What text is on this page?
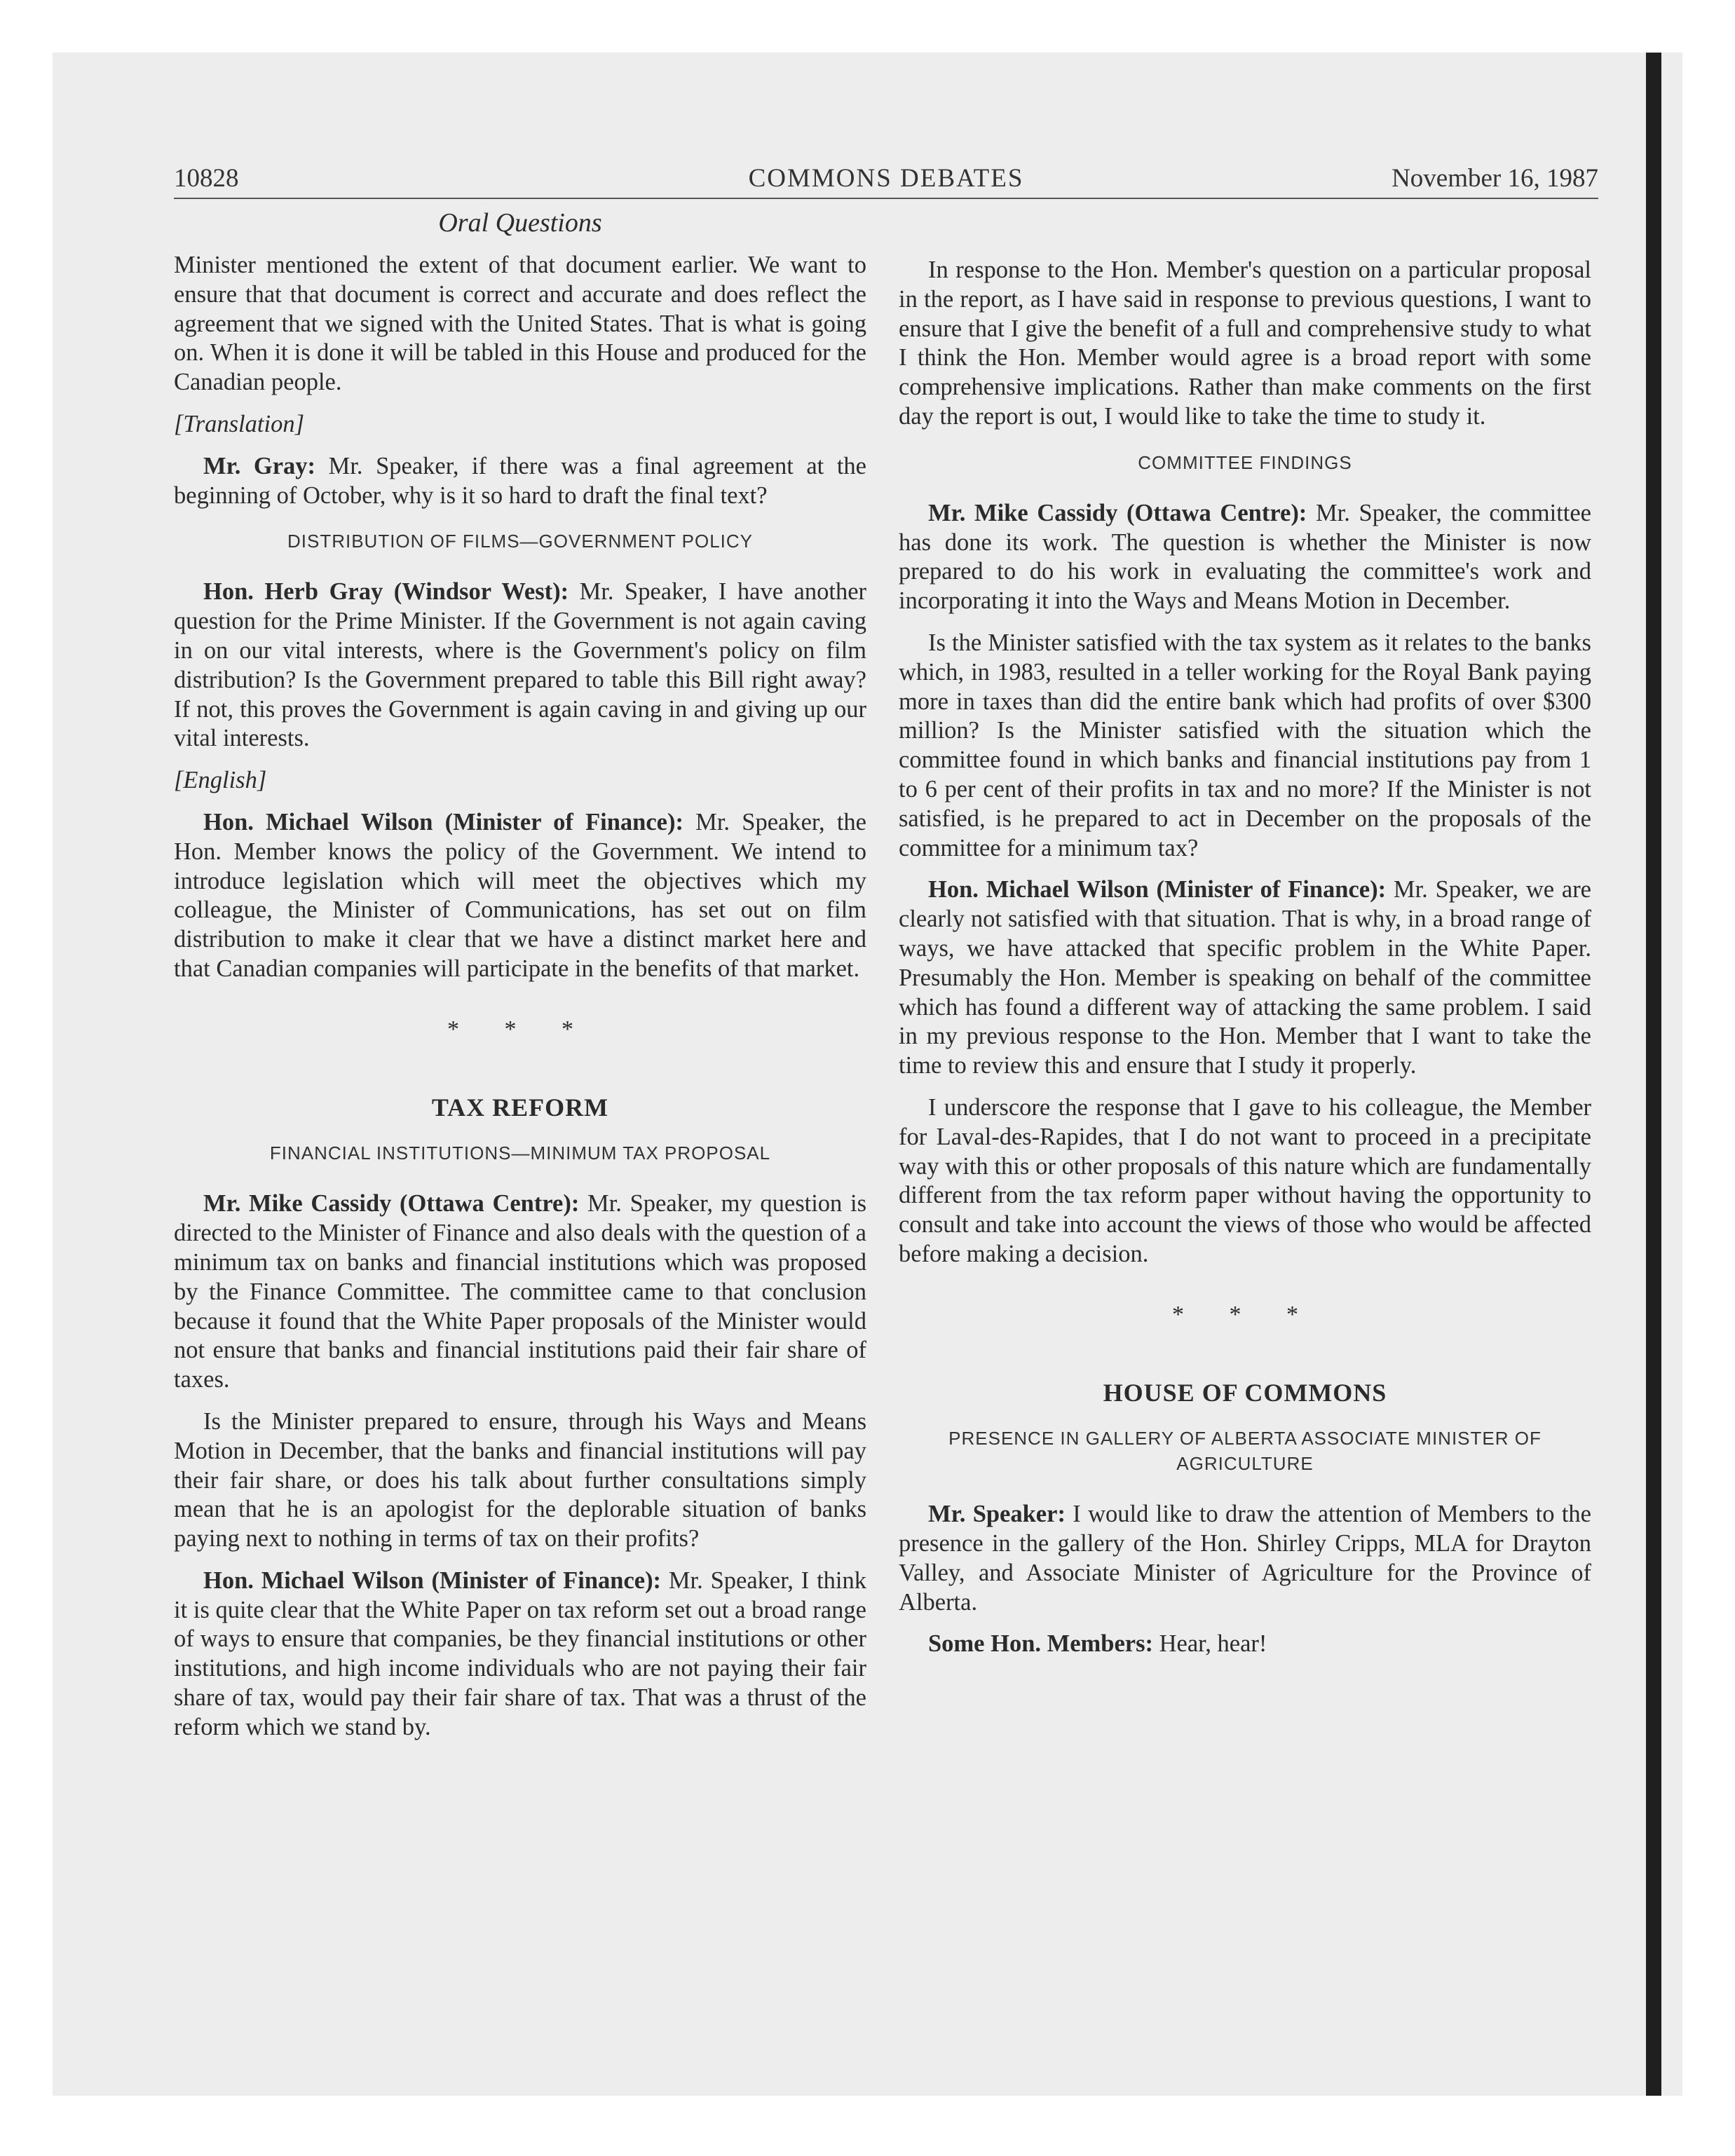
10828	COMMONS DEBATES	November 16, 1987
Oral Questions

Minister mentioned the extent of that document earlier. We want to ensure that that document is correct and accurate and does reflect the agreement that we signed with the United States. That is what is going on. When it is done it will be tabled in this House and produced for the Canadian people.

[Translation]

Mr. Gray: Mr. Speaker, if there was a final agreement at the beginning of October, why is it so hard to draft the final text?

DISTRIBUTION OF FILMS—GOVERNMENT POLICY

Hon. Herb Gray (Windsor West): Mr. Speaker, I have another question for the Prime Minister. If the Government is not again caving in on our vital interests, where is the Government's policy on film distribution? Is the Government prepared to table this Bill right away? If not, this proves the Government is again caving in and giving up our vital interests.

[English]

Hon. Michael Wilson (Minister of Finance): Mr. Speaker, the Hon. Member knows the policy of the Government. We intend to introduce legislation which will meet the objectives which my colleague, the Minister of Communications, has set out on film distribution to make it clear that we have a distinct market here and that Canadian companies will participate in the benefits of that market.

* * *
TAX REFORM
FINANCIAL INSTITUTIONS—MINIMUM TAX PROPOSAL

Mr. Mike Cassidy (Ottawa Centre): Mr. Speaker, my question is directed to the Minister of Finance and also deals with the question of a minimum tax on banks and financial institutions which was proposed by the Finance Committee. The committee came to that conclusion because it found that the White Paper proposals of the Minister would not ensure that banks and financial institutions paid their fair share of taxes.

Is the Minister prepared to ensure, through his Ways and Means Motion in December, that the banks and financial institutions will pay their fair share, or does his talk about further consultations simply mean that he is an apologist for the deplorable situation of banks paying next to nothing in terms of tax on their profits?

Hon. Michael Wilson (Minister of Finance): Mr. Speaker, I think it is quite clear that the White Paper on tax reform set out a broad range of ways to ensure that companies, be they financial institutions or other institutions, and high income individuals who are not paying their fair share of tax, would pay their fair share of tax. That was a thrust of the reform which we stand by.

In response to the Hon. Member's question on a particular proposal in the report, as I have said in response to previous questions, I want to ensure that I give the benefit of a full and comprehensive study to what I think the Hon. Member would agree is a broad report with some comprehensive implications. Rather than make comments on the first day the report is out, I would like to take the time to study it.

COMMITTEE FINDINGS

Mr. Mike Cassidy (Ottawa Centre): Mr. Speaker, the committee has done its work. The question is whether the Minister is now prepared to do his work in evaluating the committee's work and incorporating it into the Ways and Means Motion in December.

Is the Minister satisfied with the tax system as it relates to the banks which, in 1983, resulted in a teller working for the Royal Bank paying more in taxes than did the entire bank which had profits of over $300 million? Is the Minister satisfied with the situation which the committee found in which banks and financial institutions pay from 1 to 6 per cent of their profits in tax and no more? If the Minister is not satisfied, is he prepared to act in December on the proposals of the committee for a minimum tax?

Hon. Michael Wilson (Minister of Finance): Mr. Speaker, we are clearly not satisfied with that situation. That is why, in a broad range of ways, we have attacked that specific problem in the White Paper. Presumably the Hon. Member is speaking on behalf of the committee which has found a different way of attacking the same problem. I said in my previous response to the Hon. Member that I want to take the time to review this and ensure that I study it properly.

I underscore the response that I gave to his colleague, the Member for Laval-des-Rapides, that I do not want to proceed in a precipitate way with this or other proposals of this nature which are fundamentally different from the tax reform paper without having the opportunity to consult and take into account the views of those who would be affected before making a decision.

* * *
HOUSE OF COMMONS
PRESENCE IN GALLERY OF ALBERTA ASSOCIATE MINISTER OF AGRICULTURE

Mr. Speaker: I would like to draw the attention of Members to the presence in the gallery of the Hon. Shirley Cripps, MLA for Drayton Valley, and Associate Minister of Agriculture for the Province of Alberta.

Some Hon. Members: Hear, hear!
